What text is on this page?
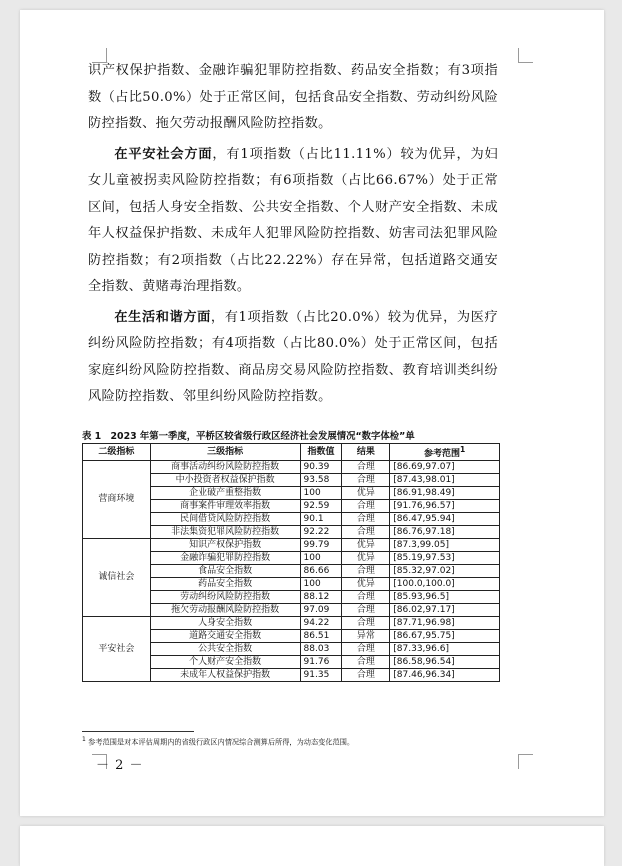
识产权保护指数、金融诈骗犯罪防控指数、药品安全指数；有3项指数（占比50.0%）处于正常区间，包括食品安全指数、劳动纠纷风险防控指数、拖欠劳动报酬风险防控指数。

在平安社会方面，有1项指数（占比11.11%）较为优异，为妇女儿童被拐卖风险防控指数；有6项指数（占比66.67%）处于正常区间，包括人身安全指数、公共安全指数、个人财产安全指数、未成年人权益保护指数、未成年人犯罪风险防控指数、妨害司法犯罪风险防控指数；有2项指数（占比22.22%）存在异常，包括道路交通安全指数、黄赌毒治理指数。

在生活和谐方面，有1项指数（占比20.0%）较为优异，为医疗纠纷风险防控指数；有4项指数（占比80.0%）处于正常区间，包括家庭纠纷风险防控指数、商品房交易风险防控指数、教育培训类纠纷风险防控指数、邻里纠纷风险防控指数。

表 1　2023 年第一季度，平桥区较省级行政区经济社会发展情况“数字体检”单
二级指标	三级指标	指数值	结果	参考范围$^1$
营商环境	商事活动纠纷风险防控指数	90.39	合理	[86.69,97.07]
	中小投资者权益保护指数	93.58	合理	[87.43,98.01]
	企业破产重整指数	100	优异	[86.91,98.49]
	商事案件审理效率指数	92.59	合理	[91.76,96.57]
	民间借贷风险防控指数	90.1	合理	[86.47,95.94]
	非法集资犯罪风险防控指数	92.22	合理	[86.76,97.18]
诚信社会	知识产权保护指数	99.79	优异	[87.3,99.05]
	金融诈骗犯罪防控指数	100	优异	[85.19,97.53]
	食品安全指数	86.66	合理	[85.32,97.02]
	药品安全指数	100	优异	[100.0,100.0]
	劳动纠纷风险防控指数	88.12	合理	[85.93,96.5]
	拖欠劳动报酬风险防控指数	97.09	合理	[86.02,97.17]
平安社会	人身安全指数	94.22	合理	[87.71,96.98]
	道路交通安全指数	86.51	异常	[86.67,95.75]
	公共安全指数	88.03	合理	[87.33,96.6]
	个人财产安全指数	91.76	合理	[86.58,96.54]
	未成年人权益保护指数	91.35	合理	[87.46,96.34]
$^1$ 参考范围是对本评估周期内的省级行政区内情况综合测算后所得，为动态变化范围。
－ 2 －
